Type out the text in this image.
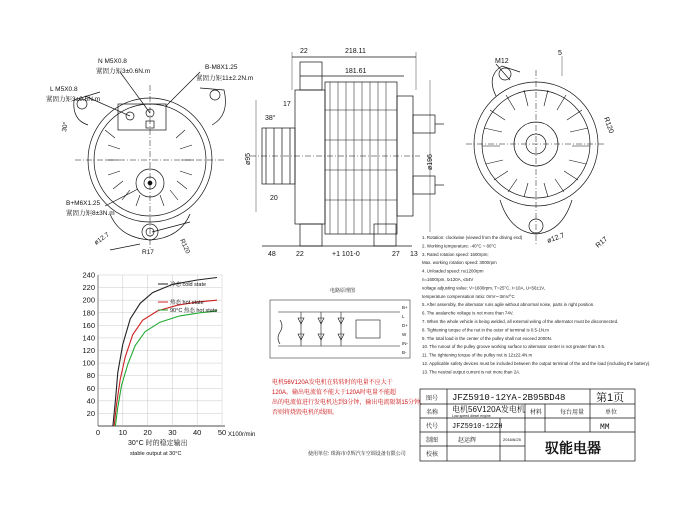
N M5X0.8
紧固力矩3±0.6N.m
L M5X0.8
紧固力矩3±0.6N.m
B-M8X1.25
紧固力矩11±2.2N.m
B+M6X1.25
紧固力矩8±3N.m
30°
ø12.7	R120
R17
22	218.11
181.61
17
38°
ø95
20
ø196
48	22	+1 101-0	27 13
M12
5
R120
R17
ø12.7
1. Rotation: clockwise (viewed from the driving end)
2. Working temperature: -40°C ~ 80°C
3. Rated rotation speed: 1600rpm;
Max. working rotation speed: 3000rpm
4. Unloaded speed: n≤1200rpm
n=1600rpm, I≥120A, ≤54V
voltage adjusting value: V=1600rpm, T=25°C, I=10A, U=56±1V,
temperature compensation ratio: 0mV~-3mV/°C
5. After assembly, the alternator runs agile without abnormal noise, parts in right position.
6. The avalanche voltage is not more than 74V.
7. When the whole vehicle is being welded, all external wiring of the alternator must be disconnected.
8. Tightening torque of the nut in the outer of terminal is 0.5-1N.m
9. The total load in the center of the pulley shall not exceed 2000N.
10. The runout of the pulley groove working surface to alternator center is not greater than 0.5.
11. The tightening torque of the pulley nut is 12±22.4N.m
12. Applicable safety devices must be included between the output terminal of the and the load (including the battery).
13. The neutral output current is not more than 2A.
电路原理图
B+
L
D+
W
IN-
B-
20
40
60
80
100
120
140
160
180
200
220
240
0 10 20 30 40 50
冷态 cold state
热态 hot state
90°C 热态 hot state
X100r/min
30°C 时的稳定输出
stable output at 30°C
电机56V120A发电机在转转时的电量不应大于
120A。输出电流值不能大于120A时电量不能超
出的电流值进行发电机达到3分钟，输出电流限制15分钟，
否则将烧毁电机的线圈。
使用单位: 珠海市卓辉汽车空调设备有限公司
图号 JFZ5910-12YA-2B95BD48	第1页
名称 电机56V120A发电机
Low-speed diesel engine	材料	每台用量	单位
MM
代号 JFZ5910-12ZH
制图	赵运辉	2016/6/25
校核	驭能电器
